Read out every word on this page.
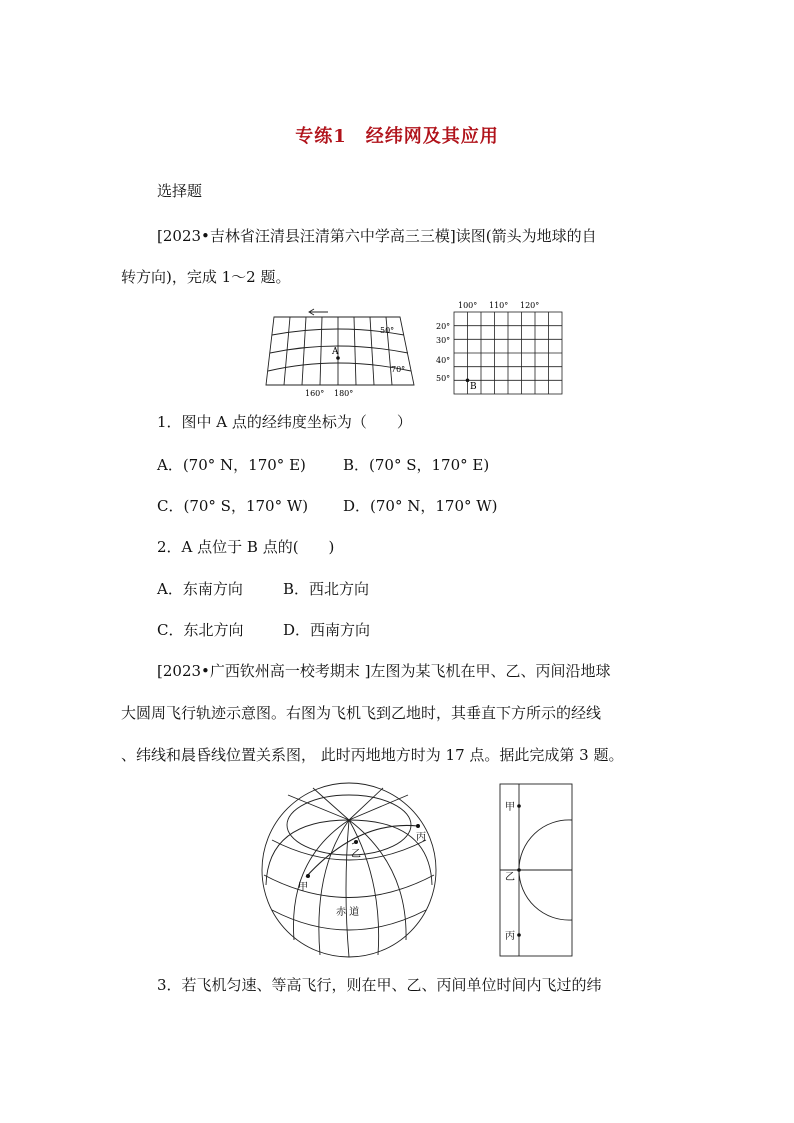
专练1　经纬网及其应用
选择题
[2023•吉林省汪清县汪清第六中学高三三模]读图(箭头为地球的自
转方向)，完成 1～2 题。
A
50°
70°
160° 180°
100° 110° 120°
20°
30°
40°
50°
B
1．图中 A 点的经纬度坐标为（　　）
A．(70° N，170° E) B．(70° S，170° E)
C．(70° S，170° W) D．(70° N，170° W)
2．A 点位于 B 点的(　　)
A．东南方向	B．西北方向
C．东北方向	D．西南方向
[2023•广西钦州高一校考期末 ]左图为某飞机在甲、乙、丙间沿地球
大圆周飞行轨迹示意图。右图为飞机飞到乙地时，其垂直下方所示的经线
、纬线和晨昏线位置关系图， 此时丙地地方时为 17 点。据此完成第 3 题。
甲
乙
丙
赤 道
甲
乙
丙
3．若飞机匀速、等高飞行，则在甲、乙、丙间单位时间内飞过的纬
